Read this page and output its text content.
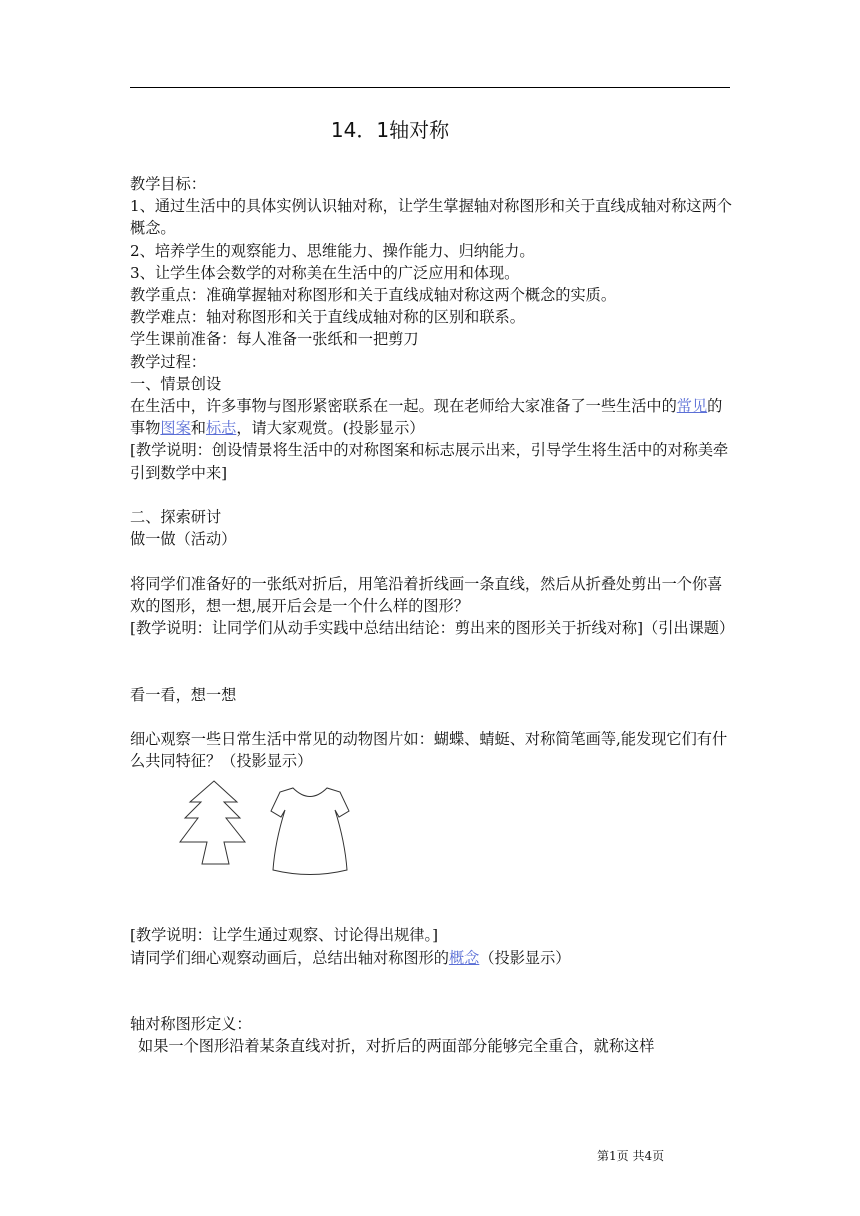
14．1轴对称

教学目标：

1、通过生活中的具体实例认识轴对称，让学生掌握轴对称图形和关于直线成轴对称这两个概念。

2、培养学生的观察能力、思维能力、操作能力、归纳能力。

3、让学生体会数学的对称美在生活中的广泛应用和体现。

教学重点：准确掌握轴对称图形和关于直线成轴对称这两个概念的实质。

教学难点：轴对称图形和关于直线成轴对称的区别和联系。

学生课前准备：每人准备一张纸和一把剪刀

教学过程：

一、情景创设

在生活中，许多事物与图形紧密联系在一起。现在老师给大家准备了一些生活中的常见的事物图案和标志，请大家观赏。(投影显示）

[教学说明：创设情景将生活中的对称图案和标志展示出来，引导学生将生活中的对称美牵引到数学中来]

二、探索研讨

做一做（活动）

将同学们准备好的一张纸对折后，用笔沿着折线画一条直线，然后从折叠处剪出一个你喜欢的图形，想一想,展开后会是一个什么样的图形？

[教学说明：让同学们从动手实践中总结出结论：剪出来的图形关于折线对称]（引出课题）

看一看，想一想

细心观察一些日常生活中常见的动物图片如：蝴蝶、蜻蜓、对称简笔画等,能发现它们有什么共同特征？（投影显示）

[教学说明：让学生通过观察、讨论得出规律。]

请同学们细心观察动画后，总结出轴对称图形的概念（投影显示）

轴对称图形定义：

如果一个图形沿着某条直线对折，对折后的两面部分能够完全重合，就称这样

第1页 共4页
